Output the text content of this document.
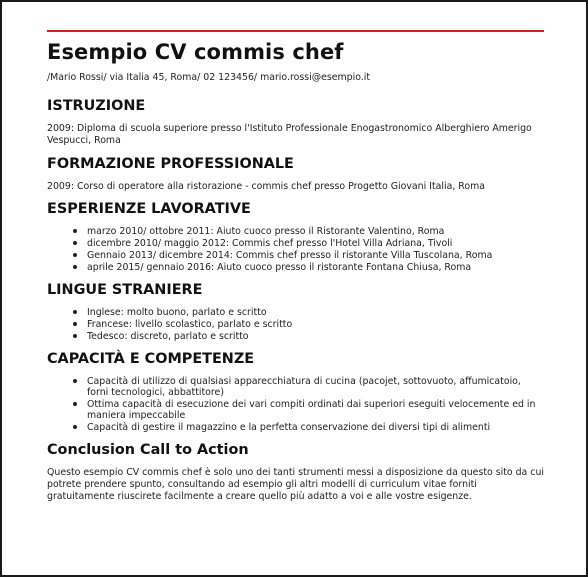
Esempio CV commis chef
/Mario Rossi/ via Italia 45, Roma/ 02 123456/ mario.rossi@esempio.it
ISTRUZIONE

2009: Diploma di scuola superiore presso l'Istituto Professionale Enogastronomico Alberghiero Amerigo Vespucci, Roma

FORMAZIONE PROFESSIONALE

2009: Corso di operatore alla ristorazione - commis chef presso Progetto Giovani Italia, Roma

ESPERIENZE LAVORATIVE
• marzo 2010/ ottobre 2011: Aiuto cuoco presso il Ristorante Valentino, Roma
• dicembre 2010/ maggio 2012: Commis chef presso l'Hotel Villa Adriana, Tivoli
• Gennaio 2013/ dicembre 2014: Commis chef presso il ristorante Villa Tuscolana, Roma
• aprile 2015/ gennaio 2016: Aiuto cuoco presso il ristorante Fontana Chiusa, Roma
LINGUE STRANIERE
• Inglese: molto buono, parlato e scritto
• Francese: livello scolastico, parlato e scritto
• Tedesco: discreto, parlato e scritto
CAPACITÀ E COMPETENZE
• Capacità di utilizzo di qualsiasi apparecchiatura di cucina (pacojet, sottovuoto, affumicatoio, forni tecnologici, abbattitore)
• Ottima capacità di esecuzione dei vari compiti ordinati dai superiori eseguiti velocemente ed in maniera impeccabile
• Capacità di gestire il magazzino e la perfetta conservazione dei diversi tipi di alimenti
Conclusion Call to Action

Questo esempio CV commis chef è solo uno dei tanti strumenti messi a disposizione da questo sito da cui potrete prendere spunto, consultando ad esempio gli altri modelli di curriculum vitae forniti gratuitamente riuscirete facilmente a creare quello più adatto a voi e alle vostre esigenze.
